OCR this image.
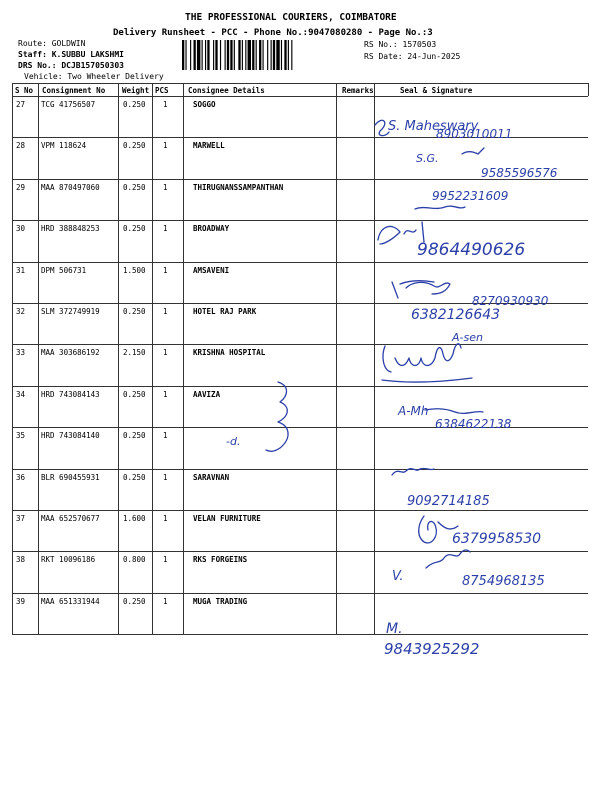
THE PROFESSIONAL COURIERS, COIMBATORE
Delivery Runsheet - PCC - Phone No.:9047080280 - Page No.:3
Route: GOLDWIN
Staff: K.SUBBU LAKSHMI
DRS No.: DCJB157050303
Vehicle: Two Wheeler Delivery
RS No.: 1570503
RS Date: 24-Jun-2025
S No Consignment No Weight PCS	Consignee Details	Remarks	Seal & Signature
27 TCG 41756507	0.250 1	SOGGO
28 VPM 118624	0.250 1	MARWELL
29 MAA 870497060	0.250 1	THIRUGNANSSAMPANTHAN
30 HRD 388848253	0.250 1	BROADWAY
31 DPM 506731	1.500 1	AMSAVENI
32 SLM 372749919	0.250 1	HOTEL RAJ PARK
33 MAA 303686192	2.150 1	KRISHNA HOSPITAL
34 HRD 743084143	0.250 1	AAVIZA
35 HRD 743084140	0.250 1
36 BLR 690455931	0.250 1	SARAVNAN
37 MAA 652570677	1.600 1	VELAN FURNITURE
38 RKT 10096186	0.800 1	RKS FORGEINS
39 MAA 651331944	0.250 1	MUGA TRADING
S. Maheswary
8903010011
S.G.
9585596576
9952231609
9864490626
8270930930
6382126643
A-sen
A-Mh
6384622138
-d.
9092714185
6379958530
V.	8754968135
M.
9843925292
